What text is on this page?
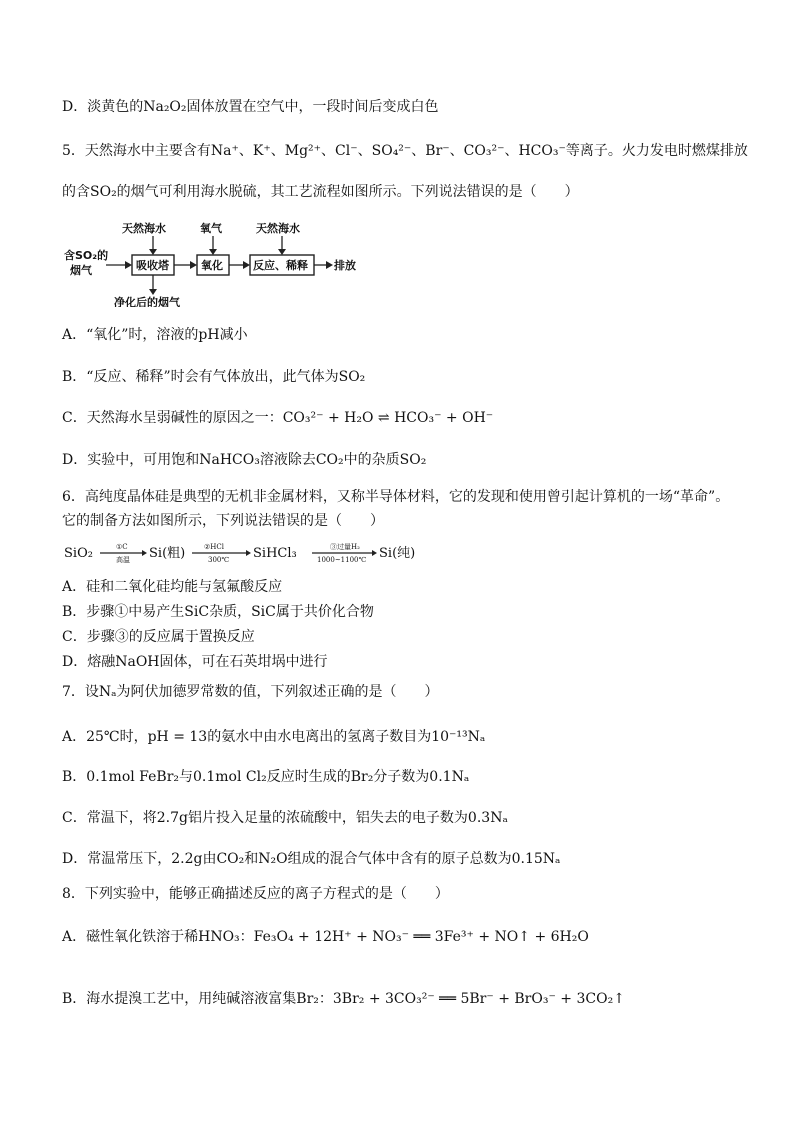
D．淡黄色的Na₂O₂固体放置在空气中，一段时间后变成白色
5．天然海水中主要含有Na⁺、K⁺、Mg²⁺、Cl⁻、SO₄²⁻、Br⁻、CO₃²⁻、HCO₃⁻等离子。火力发电时燃煤排放
的含SO₂的烟气可利用海水脱硫，其工艺流程如图所示。下列说法错误的是（　　）
含SO₂的
烟气	吸收塔
天然海水
净化后的烟气
氧化
氧气
反应、稀释
天然海水
排放
A．“氧化”时，溶液的pH减小
B．“反应、稀释”时会有气体放出，此气体为SO₂
C．天然海水呈弱碱性的原因之一：CO₃²⁻ + H₂O ⇌ HCO₃⁻ + OH⁻
D．实验中，可用饱和NaHCO₃溶液除去CO₂中的杂质SO₂
6．高纯度晶体硅是典型的无机非金属材料，又称半导体材料，它的发现和使用曾引起计算机的一场“革命”。
它的制备方法如图所示，下列说法错误的是（　　）
SiO₂	①C
高温 Si(粗)	②HCl
300℃ SiHCl₃	③过量H₂
1000~1100℃ Si(纯)
A．硅和二氧化硅均能与氢氟酸反应
B．步骤①中易产生SiC杂质，SiC属于共价化合物
C．步骤③的反应属于置换反应
D．熔融NaOH固体，可在石英坩埚中进行
7．设Nₐ为阿伏加德罗常数的值，下列叙述正确的是（　　）
A．25℃时，pH = 13的氨水中由水电离出的氢离子数目为10⁻¹³Nₐ
B．0.1mol FeBr₂与0.1mol Cl₂反应时生成的Br₂分子数为0.1Nₐ
C．常温下，将2.7g铝片投入足量的浓硫酸中，铝失去的电子数为0.3Nₐ
D．常温常压下，2.2g由CO₂和N₂O组成的混合气体中含有的原子总数为0.15Nₐ
8．下列实验中，能够正确描述反应的离子方程式的是（　　）
A．磁性氧化铁溶于稀HNO₃：Fe₃O₄ + 12H⁺ + NO₃⁻ ══ 3Fe³⁺ + NO↑ + 6H₂O
B．海水提溴工艺中，用纯碱溶液富集Br₂：3Br₂ + 3CO₃²⁻ ══ 5Br⁻ + BrO₃⁻ + 3CO₂↑
